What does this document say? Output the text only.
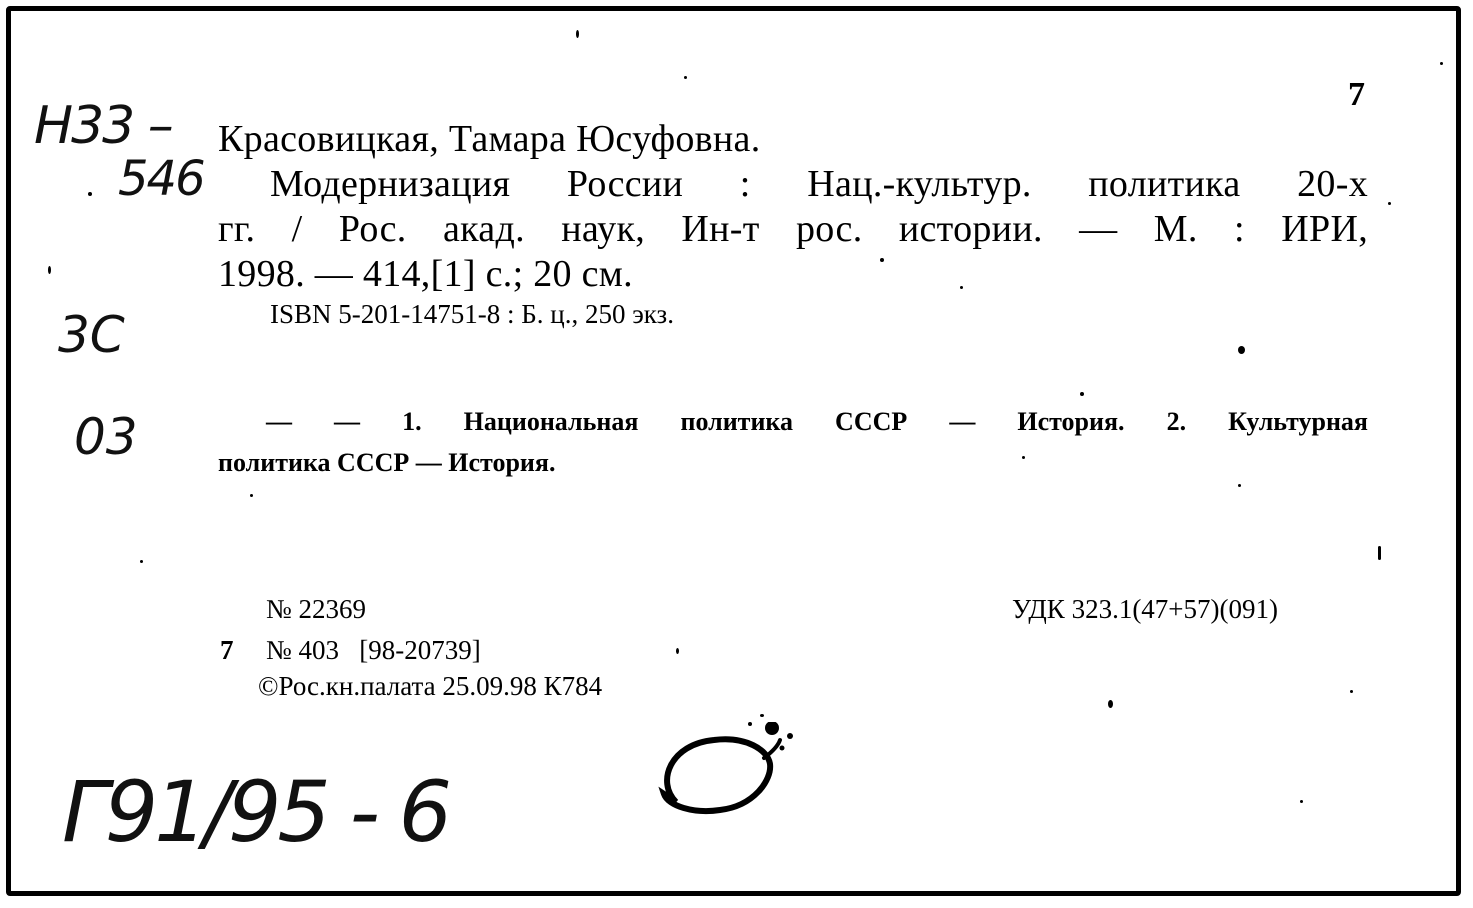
7
Н33 –
546
Красовицкая, Тамара Юсуфовна.
Модернизация России : Нац.-культур. политика 20-х
гг. / Рос. акад. наук, Ин-т рос. истории. — М. : ИРИ,
1998. — 414,[1] с.; 20 см.
ISBN 5-201-14751-8 : Б. ц., 250 экз.
3С
03	— — 1. Национальная политика СССР — История. 2. Культурная
политика СССР — История.
№ 22369	УДК 323.1(47+57)(091)
7 № 403   [98-20739]
©Рос.кн.палата 25.09.98 К784
Г91/95 - 6
